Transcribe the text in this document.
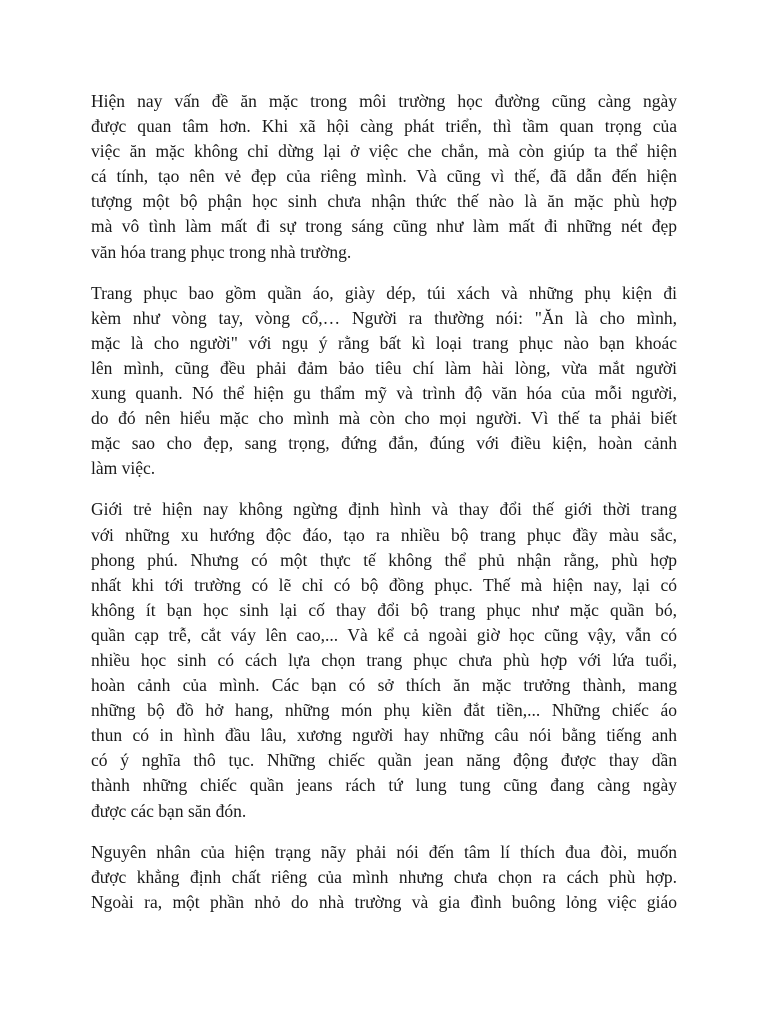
Hiện nay vấn đề ăn mặc trong môi trường học đường cũng càng ngày
được quan tâm hơn. Khi xã hội càng phát triển, thì tầm quan trọng của
việc ăn mặc không chỉ dừng lại ở việc che chắn, mà còn giúp ta thể hiện
cá tính, tạo nên vẻ đẹp của riêng mình. Và cũng vì thế, đã dẫn đến hiện
tượng một bộ phận học sinh chưa nhận thức thế nào là ăn mặc phù hợp
mà vô tình làm mất đi sự trong sáng cũng như làm mất đi những nét đẹp
văn hóa trang phục trong nhà trường.

Trang phục bao gồm quần áo, giày dép, túi xách và những phụ kiện đi
kèm như vòng tay, vòng cổ,… Người ra thường nói: "Ăn là cho mình,
mặc là cho người" với ngụ ý rằng bất kì loại trang phục nào bạn khoác
lên mình, cũng đều phải đảm bảo tiêu chí làm hài lòng, vừa mắt người
xung quanh. Nó thể hiện gu thẩm mỹ và trình độ văn hóa của mỗi người,
do đó nên hiểu mặc cho mình mà còn cho mọi người. Vì thế ta phải biết
mặc sao cho đẹp, sang trọng, đứng đắn, đúng với điều kiện, hoàn cảnh
làm việc.

Giới trẻ hiện nay không ngừng định hình và thay đổi thế giới thời trang
với những xu hướng độc đáo, tạo ra nhiều bộ trang phục đầy màu sắc,
phong phú. Nhưng có một thực tế không thể phủ nhận rằng, phù hợp
nhất khi tới trường có lẽ chỉ có bộ đồng phục. Thế mà hiện nay, lại có
không ít bạn học sinh lại cố thay đổi bộ trang phục như mặc quần bó,
quần cạp trễ, cắt váy lên cao,... Và kể cả ngoài giờ học cũng vậy, vẫn có
nhiều học sinh có cách lựa chọn trang phục chưa phù hợp với lứa tuổi,
hoàn cảnh của mình. Các bạn có sở thích ăn mặc trưởng thành, mang
những bộ đồ hở hang, những món phụ kiền đắt tiền,... Những chiếc áo
thun có in hình đầu lâu, xương người hay những câu nói bằng tiếng anh
có ý nghĩa thô tục. Những chiếc quần jean năng động được thay dần
thành những chiếc quần jeans rách tứ lung tung cũng đang càng ngày
được các bạn săn đón.

Nguyên nhân của hiện trạng nãy phải nói đến tâm lí thích đua đòi, muốn
được khẳng định chất riêng của mình nhưng chưa chọn ra cách phù hợp.
Ngoài ra, một phần nhỏ do nhà trường và gia đình buông lỏng việc giáo
